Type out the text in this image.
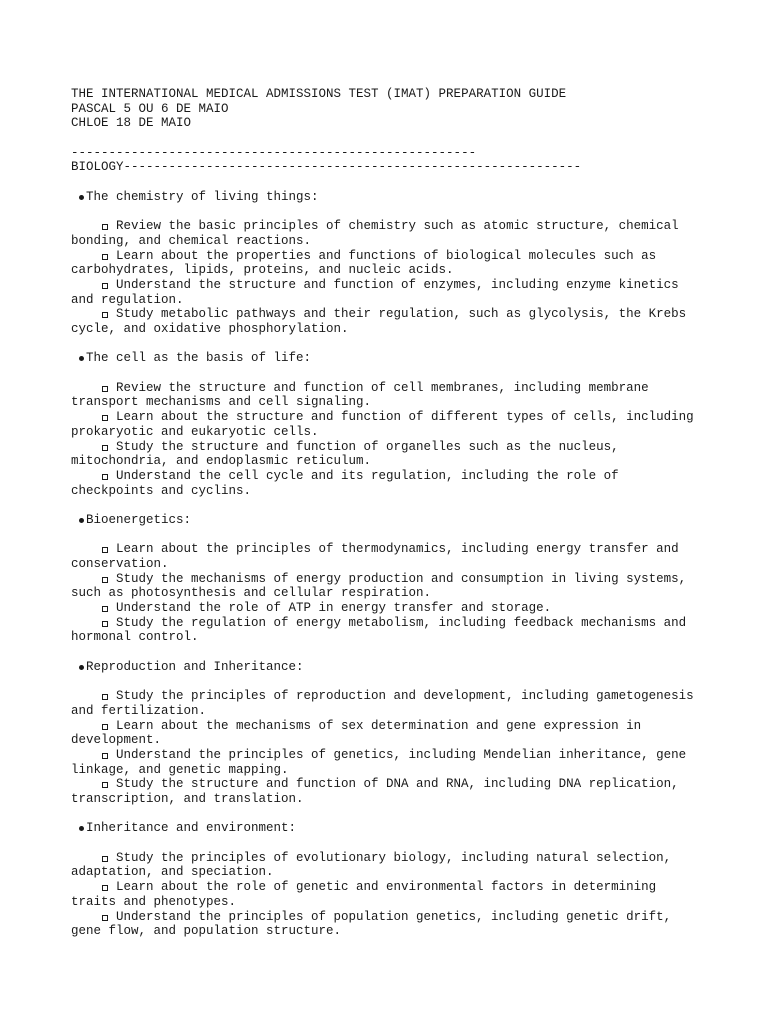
THE INTERNATIONAL MEDICAL ADMISSIONS TEST (IMAT) PREPARATION GUIDE
PASCAL 5 OU 6 DE MAIO
CHLOE 18 DE MAIO
------------------------------------------------------
BIOLOGY-------------------------------------------------------------
The chemistry of living things:
Review the basic principles of chemistry such as atomic structure, chemical
bonding, and chemical reactions.
Learn about the properties and functions of biological molecules such as
carbohydrates, lipids, proteins, and nucleic acids.
Understand the structure and function of enzymes, including enzyme kinetics
and regulation.
Study metabolic pathways and their regulation, such as glycolysis, the Krebs
cycle, and oxidative phosphorylation.
The cell as the basis of life:
Review the structure and function of cell membranes, including membrane
transport mechanisms and cell signaling.
Learn about the structure and function of different types of cells, including
prokaryotic and eukaryotic cells.
Study the structure and function of organelles such as the nucleus,
mitochondria, and endoplasmic reticulum.
Understand the cell cycle and its regulation, including the role of
checkpoints and cyclins.
Bioenergetics:
Learn about the principles of thermodynamics, including energy transfer and
conservation.
Study the mechanisms of energy production and consumption in living systems,
such as photosynthesis and cellular respiration.
Understand the role of ATP in energy transfer and storage.
Study the regulation of energy metabolism, including feedback mechanisms and
hormonal control.
Reproduction and Inheritance:
Study the principles of reproduction and development, including gametogenesis
and fertilization.
Learn about the mechanisms of sex determination and gene expression in
development.
Understand the principles of genetics, including Mendelian inheritance, gene
linkage, and genetic mapping.
Study the structure and function of DNA and RNA, including DNA replication,
transcription, and translation.
Inheritance and environment:
Study the principles of evolutionary biology, including natural selection,
adaptation, and speciation.
Learn about the role of genetic and environmental factors in determining
traits and phenotypes.
Understand the principles of population genetics, including genetic drift,
gene flow, and population structure.
